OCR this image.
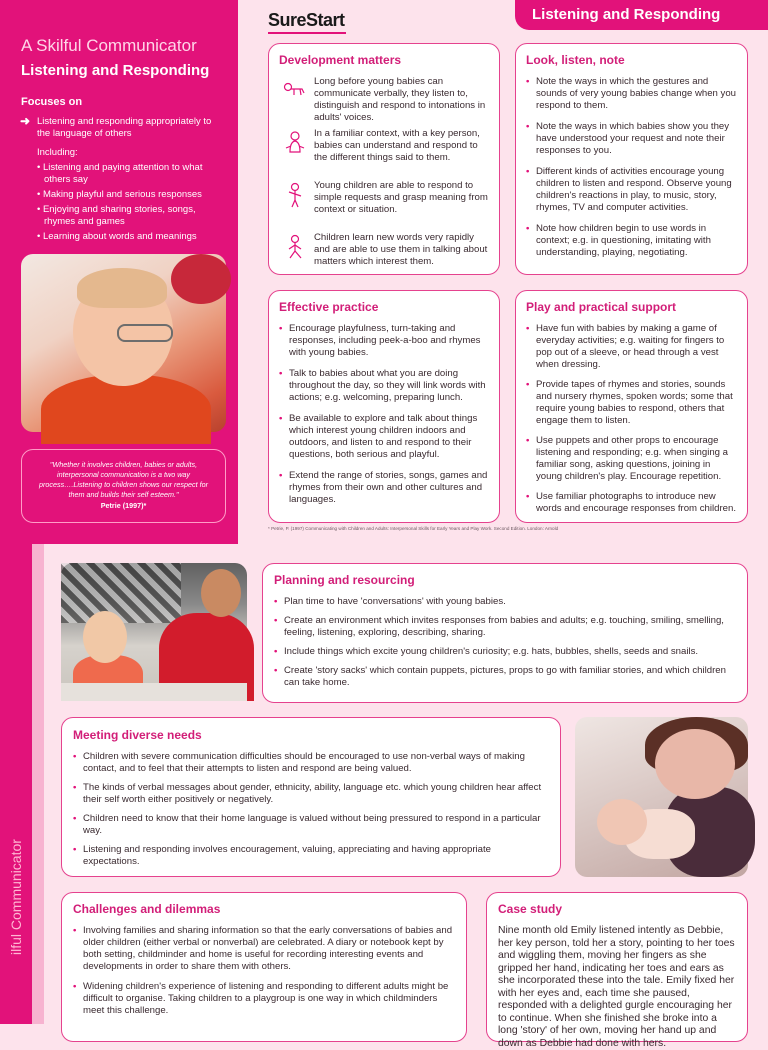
A Skilful Communicator
Listening and Responding
Focuses on
➜ Listening and responding appropriately to the language of others
Including:
• Listening and paying attention to what others say
• Making playful and serious responses
• Enjoying and sharing stories, songs, rhymes and games
• Learning about words and meanings
"Whether it involves children, babies or adults, interpersonal communication is a two way process….Listening to children shows our respect for them and builds their self esteem."
Petrie (1997)*
SureStart	Listening and Responding
Development matters
Long before young babies can communicate verbally, they listen to, distinguish and respond to intonations in adults' voices.
In a familiar context, with a key person, babies can understand and respond to the different things said to them.
Young children are able to respond to simple requests and grasp meaning from context or situation.
Children learn new words very rapidly and are able to use them in talking about matters which interest them.
Look, listen, note
• Note the ways in which the gestures and sounds of very young babies change when you respond to them.
• Note the ways in which babies show you they have understood your request and note their responses to you.
• Different kinds of activities encourage young children to listen and respond. Observe young children's reactions in play, to music, story, rhymes, TV and computer activities.
• Note how children begin to use words in context; e.g. in questioning, imitating with understanding, playing, negotiating.
Effective practice
• Encourage playfulness, turn-taking and responses, including peek-a-boo and rhymes with young babies.
• Talk to babies about what you are doing throughout the day, so they will link words with actions; e.g. welcoming, preparing lunch.
• Be available to explore and talk about things which interest young children indoors and outdoors, and listen to and respond to their questions, both serious and playful.
• Extend the range of stories, songs, games and rhymes from their own and other cultures and languages.
Play and practical support
• Have fun with babies by making a game of everyday activities; e.g. waiting for fingers to pop out of a sleeve, or head through a vest when dressing.
• Provide tapes of rhymes and stories, sounds and nursery rhymes, spoken words; some that require young babies to respond, others that engage them to listen.
• Use puppets and other props to encourage listening and responding; e.g. when singing a familiar song, asking questions, joining in young children's play. Encourage repetition.
• Use familiar photographs to introduce new words and encourage responses from children.
* Petrie, P. (1997) Communicating with Children and Adults: Interpersonal Skills for Early Years and Play Work. Second Edition. London: Arnold
ilful Communicator
Planning and resourcing
• Plan time to have 'conversations' with young babies.
• Create an environment which invites responses from babies and adults; e.g. touching, smiling, smelling, feeling, listening, exploring, describing, sharing.
• Include things which excite young children's curiosity; e.g. hats, bubbles, shells, seeds and snails.
• Create 'story sacks' which contain puppets, pictures, props to go with familiar stories, and which children can take home.
Meeting diverse needs
• Children with severe communication difficulties should be encouraged to use non-verbal ways of making contact, and to feel that their attempts to listen and respond are being valued.
• The kinds of verbal messages about gender, ethnicity, ability, language etc. which young children hear affect their self worth either positively or negatively.
• Children need to know that their home language is valued without being pressured to respond in a particular way.
• Listening and responding involves encouragement, valuing, appreciating and having appropriate expectations.
Challenges and dilemmas
• Involving families and sharing information so that the early conversations of babies and older children (either verbal or nonverbal) are celebrated. A diary or notebook kept by both setting, childminder and home is useful for recording interesting events and developments in order to share them with others.
• Widening children's experience of listening and responding to different adults might be difficult to organise. Taking children to a playgroup is one way in which childminders meet this challenge.
Case study

Nine month old Emily listened intently as Debbie, her key person, told her a story, pointing to her toes and wiggling them, moving her fingers as she gripped her hand, indicating her toes and ears as she incorporated these into the tale. Emily fixed her with her eyes and, each time she paused, responded with a delighted gurgle encouraging her to continue. When she finished she broke into a long 'story' of her own, moving her hand up and down as Debbie had done with hers.
